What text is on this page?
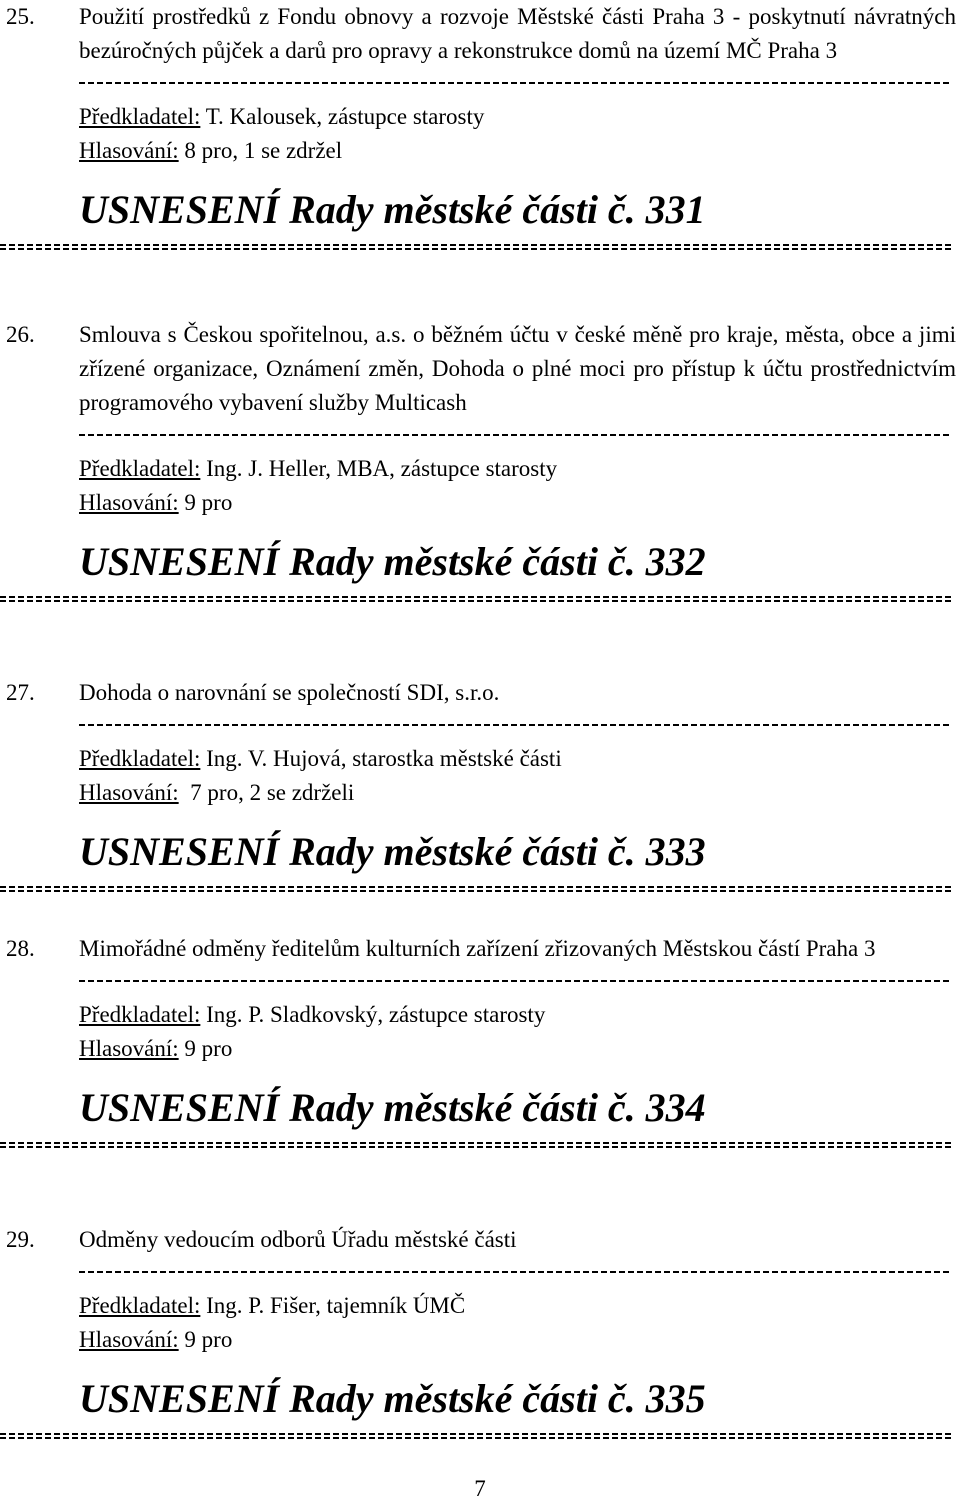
25. Použití prostředků z Fondu obnovy a rozvoje Městské části Praha 3 - poskytnutí návratných bezúročných půjček a darů pro opravy a rekonstrukce domů na území MČ Praha 3
Předkladatel: T. Kalousek, zástupce starosty
Hlasování: 8 pro, 1 se zdržel
USNESENÍ Rady městské části č. 331
26. Smlouva s Českou spořitelnou, a.s. o běžném účtu v české měně pro kraje, města, obce a jimi zřízené organizace, Oznámení změn, Dohoda o plné moci pro přístup k účtu prostřednictvím programového vybavení služby Multicash
Předkladatel: Ing. J. Heller, MBA, zástupce starosty
Hlasování: 9 pro
USNESENÍ Rady městské části č. 332
27. Dohoda o narovnání se společností SDI, s.r.o.
Předkladatel: Ing. V. Hujová, starostka městské části
Hlasování:  7 pro, 2 se zdrželi
USNESENÍ Rady městské části č. 333
28. Mimořádné odměny ředitelům kulturních zařízení zřizovaných Městskou částí Praha 3
Předkladatel: Ing. P. Sladkovský, zástupce starosty
Hlasování: 9 pro
USNESENÍ Rady městské části č. 334
29. Odměny vedoucím odborů Úřadu městské části
Předkladatel: Ing. P. Fišer, tajemník ÚMČ
Hlasování: 9 pro
USNESENÍ Rady městské části č. 335
7
